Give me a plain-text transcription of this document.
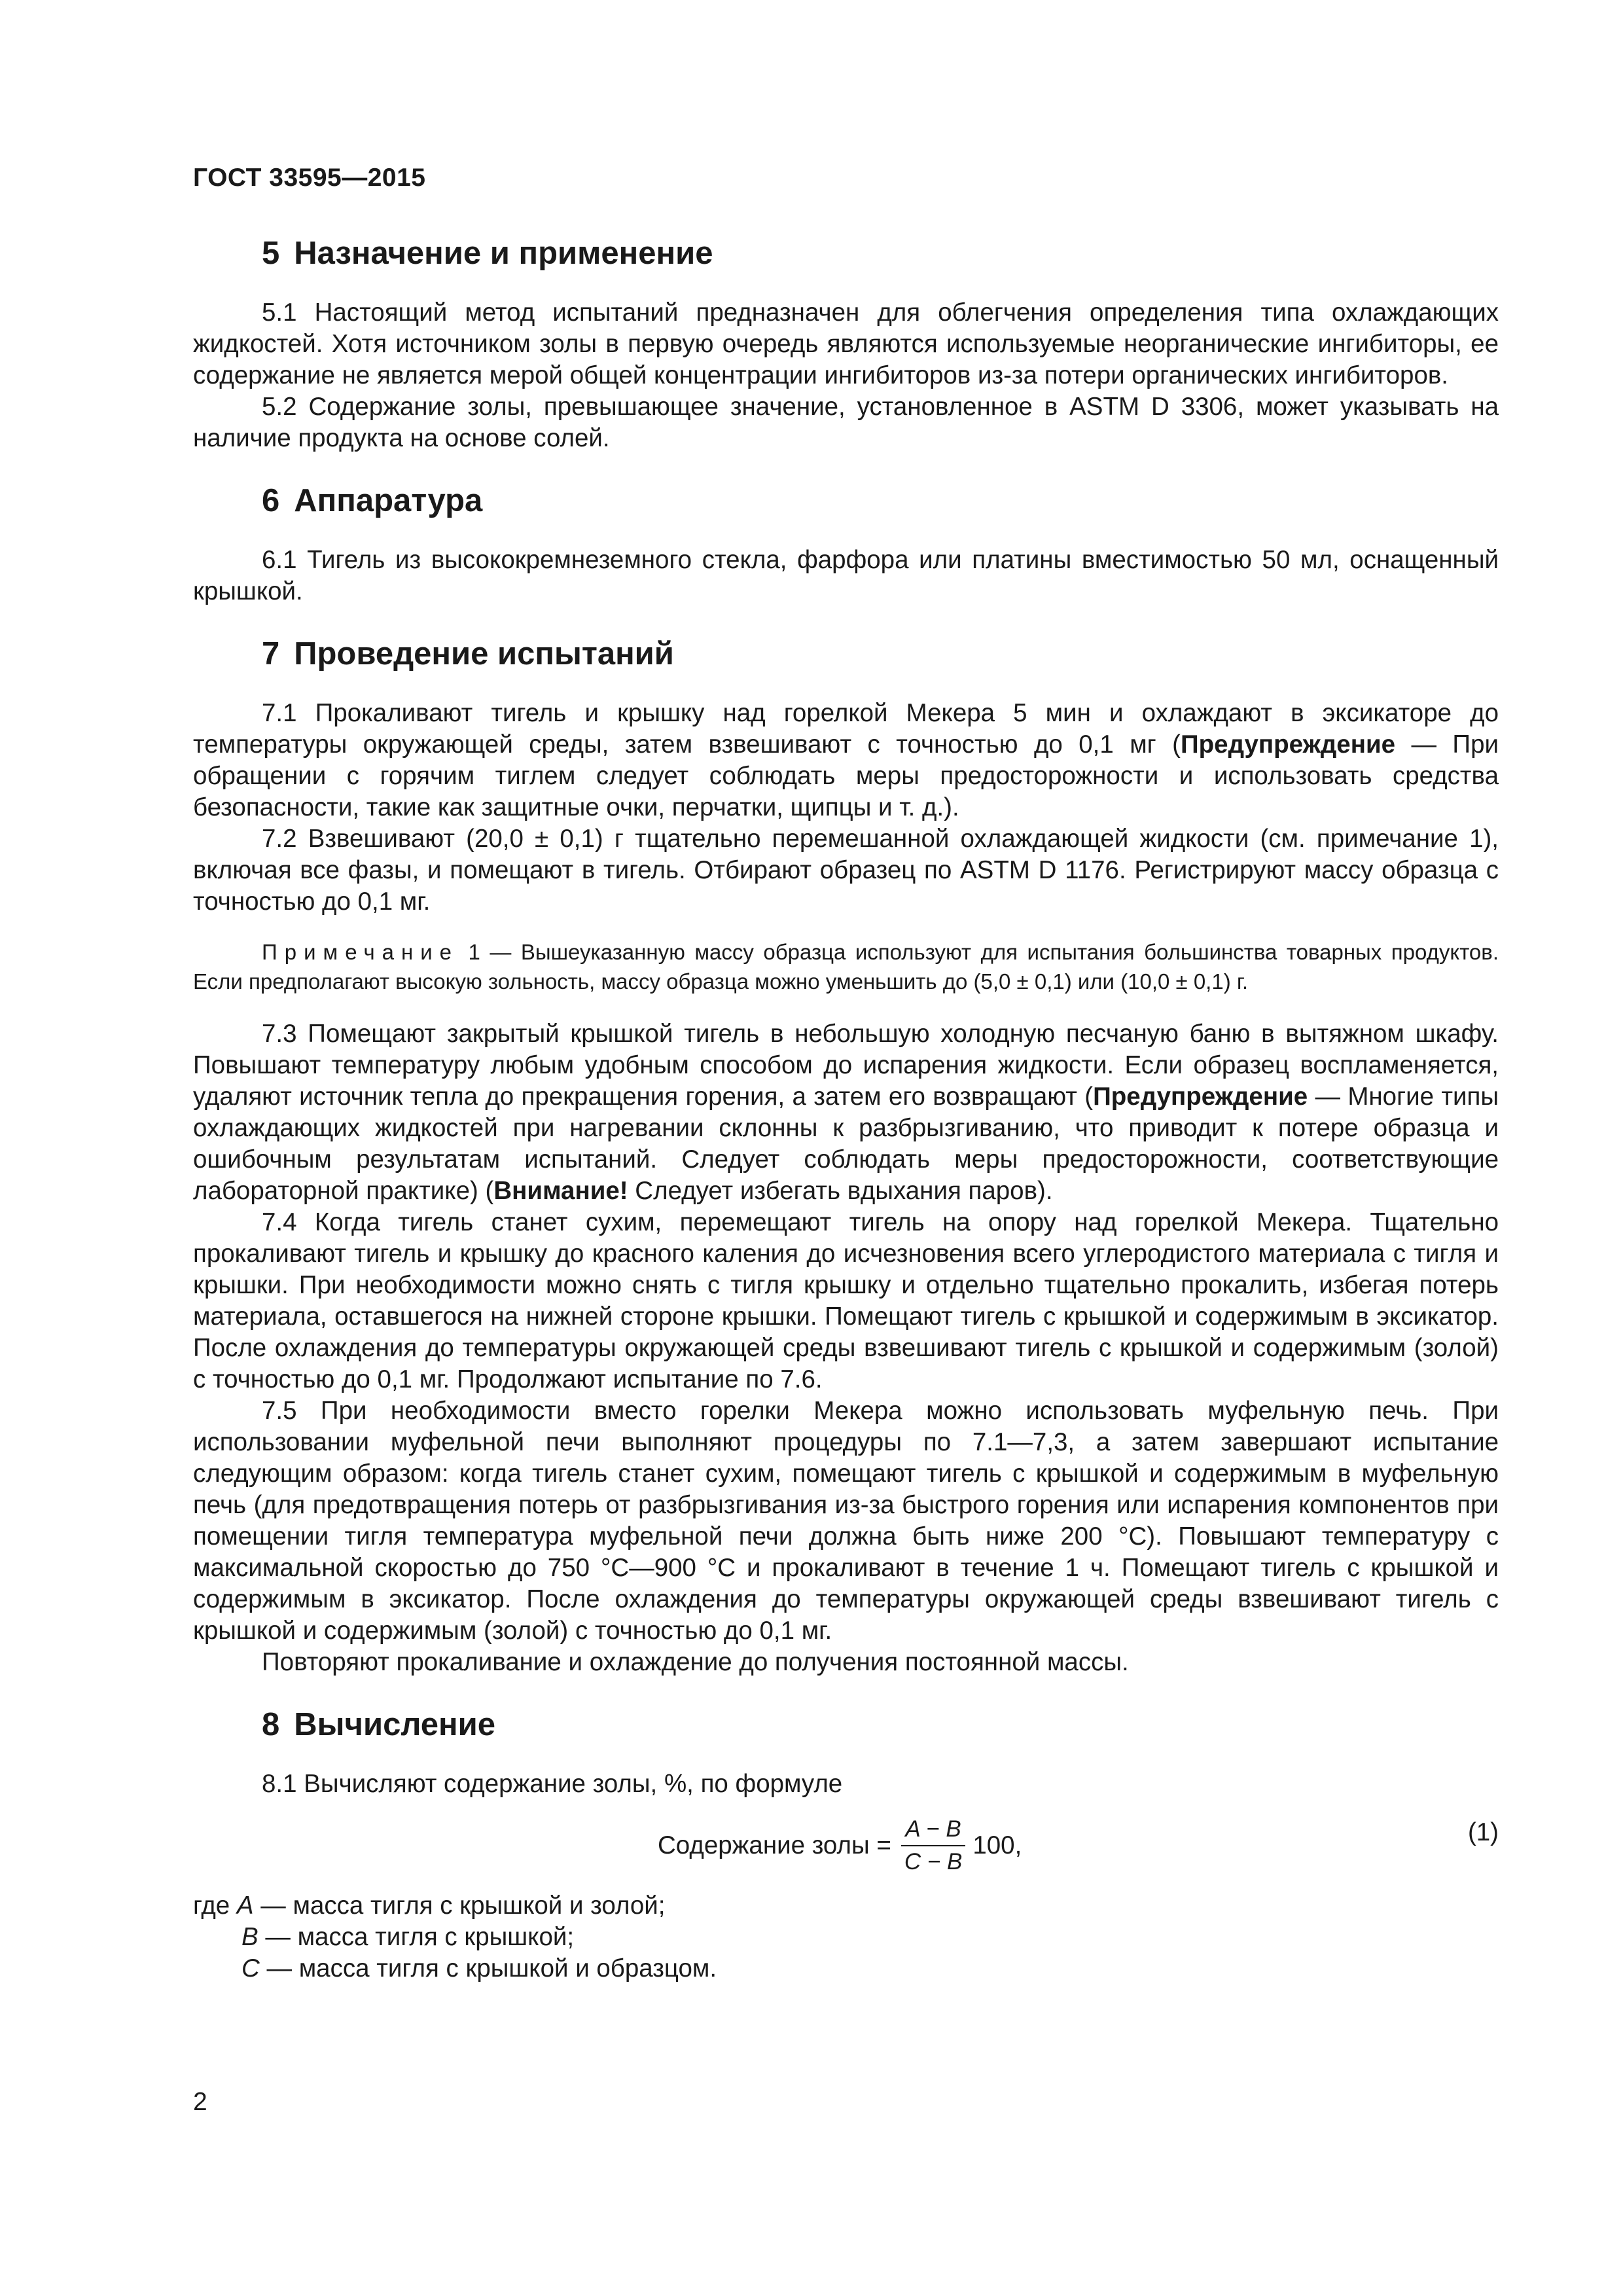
ГОСТ 33595—2015
5 Назначение и применение

5.1 Настоящий метод испытаний предназначен для облегчения определения типа охлаждающих жидкостей. Хотя источником золы в первую очередь являются используемые неорганические ингибиторы, ее содержание не является мерой общей концентрации ингибиторов из-за потери органических ингибиторов.

5.2 Содержание золы, превышающее значение, установленное в ASTM D 3306, может указывать на наличие продукта на основе солей.

6 Аппаратура

6.1 Тигель из высококремнеземного стекла, фарфора или платины вместимостью 50 мл, оснащенный крышкой.

7 Проведение испытаний

7.1 Прокаливают тигель и крышку над горелкой Мекера 5 мин и охлаждают в эксикаторе до температуры окружающей среды, затем взвешивают с точностью до 0,1 мг (Предупреждение — При обращении с горячим тиглем следует соблюдать меры предосторожности и использовать средства безопасности, такие как защитные очки, перчатки, щипцы и т. д.).

7.2 Взвешивают (20,0 ± 0,1) г тщательно перемешанной охлаждающей жидкости (см. примечание 1), включая все фазы, и помещают в тигель. Отбирают образец по ASTM D 1176. Регистрируют массу образца с точностью до 0,1 мг.

Примечание 1 — Вышеуказанную массу образца используют для испытания большинства товарных продуктов. Если предполагают высокую зольность, массу образца можно уменьшить до (5,0 ± 0,1) или (10,0 ± 0,1) г.

7.3 Помещают закрытый крышкой тигель в небольшую холодную песчаную баню в вытяжном шкафу. Повышают температуру любым удобным способом до испарения жидкости. Если образец воспламеняется, удаляют источник тепла до прекращения горения, а затем его возвращают (Предупреждение — Многие типы охлаждающих жидкостей при нагревании склонны к разбрызгиванию, что приводит к потере образца и ошибочным результатам испытаний. Следует соблюдать меры предосторожности, соответствующие лабораторной практике) (Внимание! Следует избегать вдыхания паров).

7.4 Когда тигель станет сухим, перемещают тигель на опору над горелкой Мекера. Тщательно прокаливают тигель и крышку до красного каления до исчезновения всего углеродистого материала с тигля и крышки. При необходимости можно снять с тигля крышку и отдельно тщательно прокалить, избегая потерь материала, оставшегося на нижней стороне крышки. Помещают тигель с крышкой и содержимым в эксикатор. После охлаждения до температуры окружающей среды взвешивают тигель с крышкой и содержимым (золой) с точностью до 0,1 мг. Продолжают испытание по 7.6.

7.5 При необходимости вместо горелки Мекера можно использовать муфельную печь. При использовании муфельной печи выполняют процедуры по 7.1—7,3, а затем завершают испытание следующим образом: когда тигель станет сухим, помещают тигель с крышкой и содержимым в муфельную печь (для предотвращения потерь от разбрызгивания из-за быстрого горения или испарения компонентов при помещении тигля температура муфельной печи должна быть ниже 200 °С). Повышают температуру с максимальной скоростью до 750 °С—900 °С и прокаливают в течение 1 ч. Помещают тигель с крышкой и содержимым в эксикатор. После охлаждения до температуры окружающей среды взвешивают тигель с крышкой и содержимым (золой) с точностью до 0,1 мг.

Повторяют прокаливание и охлаждение до получения постоянной массы.

8 Вычисление

8.1 Вычисляют содержание золы, %, по формуле

Содержание золы = $\frac{A - B}{C - B} 100$,	(1)

где A — масса тигля с крышкой и золой;

B — масса тигля с крышкой;

C — масса тигля с крышкой и образцом.

2
